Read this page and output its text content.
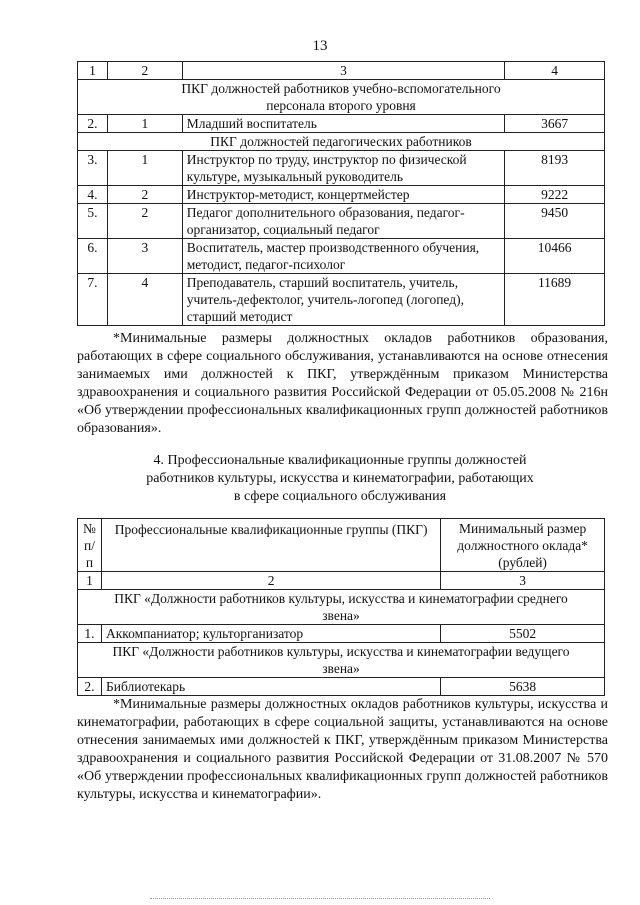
13
1	2	3	4
ПКГ должностей работников учебно-вспомогательного персонала второго уровня			
2.	1	Младший воспитатель	3667
ПКГ должностей педагогических работников			
3.	1	Инструктор по труду, инструктор по физической культуре, музыкальный руководитель	8193
4.	2	Инструктор-методист, концертмейстер	9222
5.	2	Педагог дополнительного образования, педагог-организатор, социальный педагог	9450
6.	3	Воспитатель, мастер производственного обучения, методист, педагог-психолог	10466
7.	4	Преподаватель, старший воспитатель, учитель, учитель-дефектолог, учитель-логопед (логопед), старший методист	11689

*Минимальные размеры должностных окладов работников образования, работающих в сфере социального обслуживания, устанавливаются на основе отнесения занимаемых ими должностей к ПКГ, утверждённым приказом Министерства здравоохранения и социального развития Российской Федерации от 05.05.2008 № 216н «Об утверждении профессиональных квалификационных групп должностей работников образования».

4. Профессиональные квалификационные группы должностей
работников культуры, искусства и кинематографии, работающих
в сфере социального обслуживания
№ п/п	Профессиональные квалификационные группы (ПКГ)	Минимальный размер должностного оклада* (рублей)
1	2	3
ПКГ «Должности работников культуры, искусства и кинематографии среднего звена»		
1.	Аккомпаниатор; культорганизатор	5502
ПКГ «Должности работников культуры, искусства и кинематографии ведущего звена»		
2.	Библиотекарь	5638

*Минимальные размеры должностных окладов работников культуры, искусства и кинематографии, работающих в сфере социальной защиты, устанавливаются на основе отнесения занимаемых ими должностей к ПКГ, утверждённым приказом Министерства здравоохранения и социального развития Российской Федерации от 31.08.2007 № 570 «Об утверждении профессиональных квалификационных групп должностей работников культуры, искусства и кинематографии».
